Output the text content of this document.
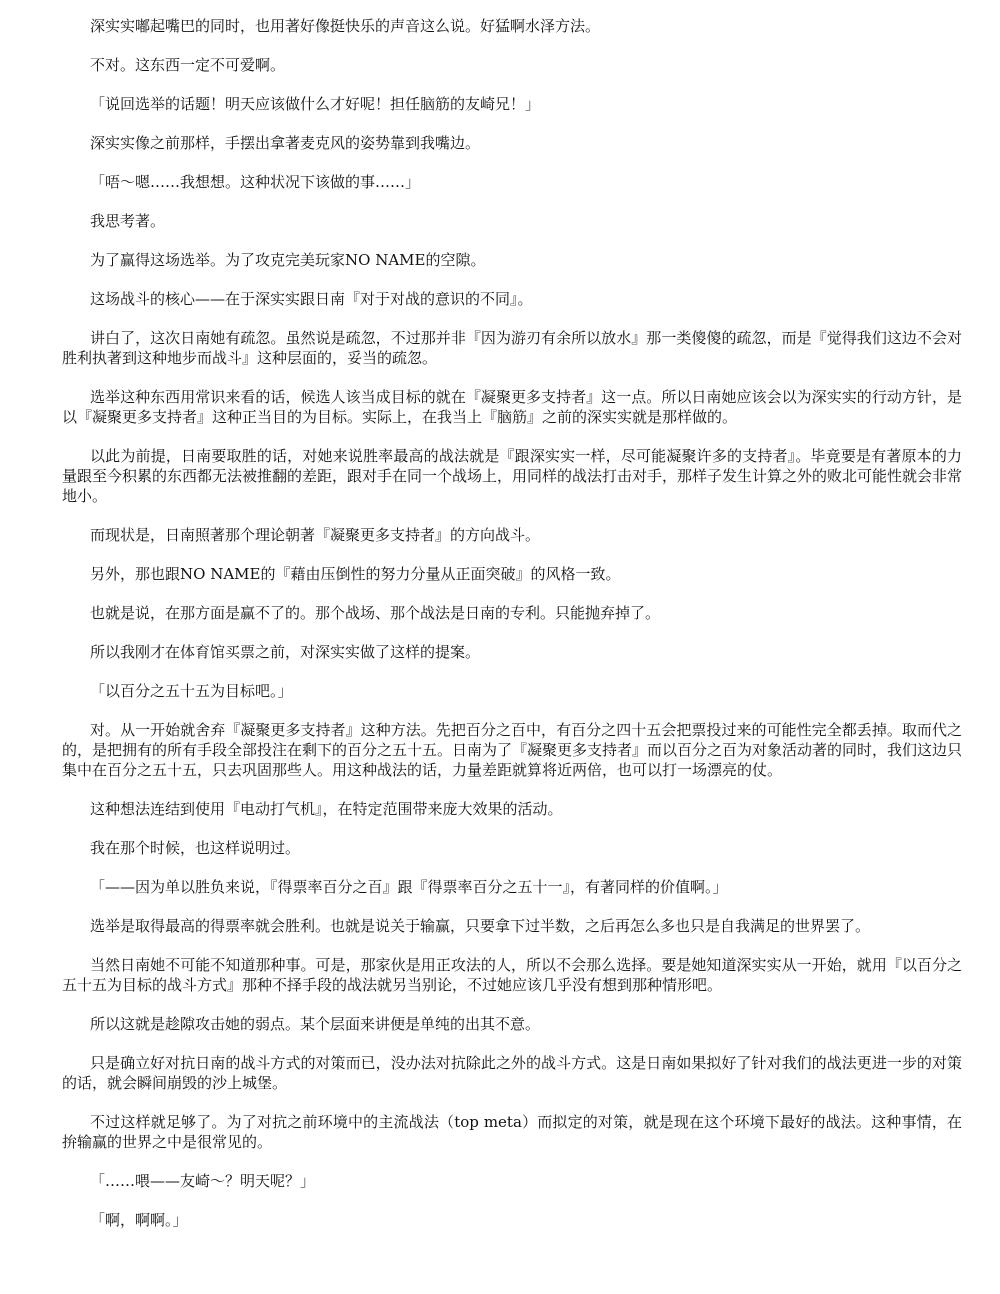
深实实嘟起嘴巴的同时，也用著好像挺快乐的声音这么说。好猛啊水泽方法。

不对。这东西一定不可爱啊。

「说回选举的话题！明天应该做什么才好呢！担任脑筋的友崎兄！」

深实实像之前那样，手摆出拿著麦克风的姿势靠到我嘴边。

「唔～嗯……我想想。这种状况下该做的事……」

我思考著。

为了赢得这场选举。为了攻克完美玩家NO NAME的空隙。

这场战斗的核心——在于深实实跟日南『对于对战的意识的不同』。

讲白了，这次日南她有疏忽。虽然说是疏忽，不过那并非『因为游刃有余所以放水』那一类傻傻的疏忽，而是『觉得我们这边不会对胜利执著到这种地步而战斗』这种层面的，妥当的疏忽。

选举这种东西用常识来看的话，候选人该当成目标的就在『凝聚更多支持者』这一点。所以日南她应该会以为深实实的行动方针，是以『凝聚更多支持者』这种正当目的为目标。实际上，在我当上『脑筋』之前的深实实就是那样做的。

以此为前提，日南要取胜的话，对她来说胜率最高的战法就是『跟深实实一样，尽可能凝聚许多的支持者』。毕竟要是有著原本的力量跟至今积累的东西都无法被推翻的差距，跟对手在同一个战场上，用同样的战法打击对手，那样子发生计算之外的败北可能性就会非常地小。

而现状是，日南照著那个理论朝著『凝聚更多支持者』的方向战斗。

另外，那也跟NO NAME的『藉由压倒性的努力分量从正面突破』的风格一致。

也就是说，在那方面是赢不了的。那个战场、那个战法是日南的专利。只能抛弃掉了。

所以我刚才在体育馆买票之前，对深实实做了这样的提案。

「以百分之五十五为目标吧。」

对。从一开始就舍弃『凝聚更多支持者』这种方法。先把百分之百中，有百分之四十五会把票投过来的可能性完全都丢掉。取而代之的，是把拥有的所有手段全部投注在剩下的百分之五十五。日南为了『凝聚更多支持者』而以百分之百为对象活动著的同时，我们这边只集中在百分之五十五，只去巩固那些人。用这种战法的话，力量差距就算将近两倍，也可以打一场漂亮的仗。

这种想法连结到使用『电动打气机』，在特定范围带来庞大效果的活动。

我在那个时候，也这样说明过。

「——因为单以胜负来说，『得票率百分之百』跟『得票率百分之五十一』，有著同样的价值啊。」

选举是取得最高的得票率就会胜利。也就是说关于输赢，只要拿下过半数，之后再怎么多也只是自我满足的世界罢了。

当然日南她不可能不知道那种事。可是，那家伙是用正攻法的人，所以不会那么选择。要是她知道深实实从一开始，就用『以百分之五十五为目标的战斗方式』那种不择手段的战法就另当别论，不过她应该几乎没有想到那种情形吧。

所以这就是趁隙攻击她的弱点。某个层面来讲便是单纯的出其不意。

只是确立好对抗日南的战斗方式的对策而已，没办法对抗除此之外的战斗方式。这是日南如果拟好了针对我们的战法更进一步的对策的话，就会瞬间崩毁的沙上城堡。

不过这样就足够了。为了对抗之前环境中的主流战法（top meta）而拟定的对策，就是现在这个环境下最好的战法。这种事情，在拚输赢的世界之中是很常见的。

「……喂——友崎～？明天呢？」

「啊，啊啊。」
